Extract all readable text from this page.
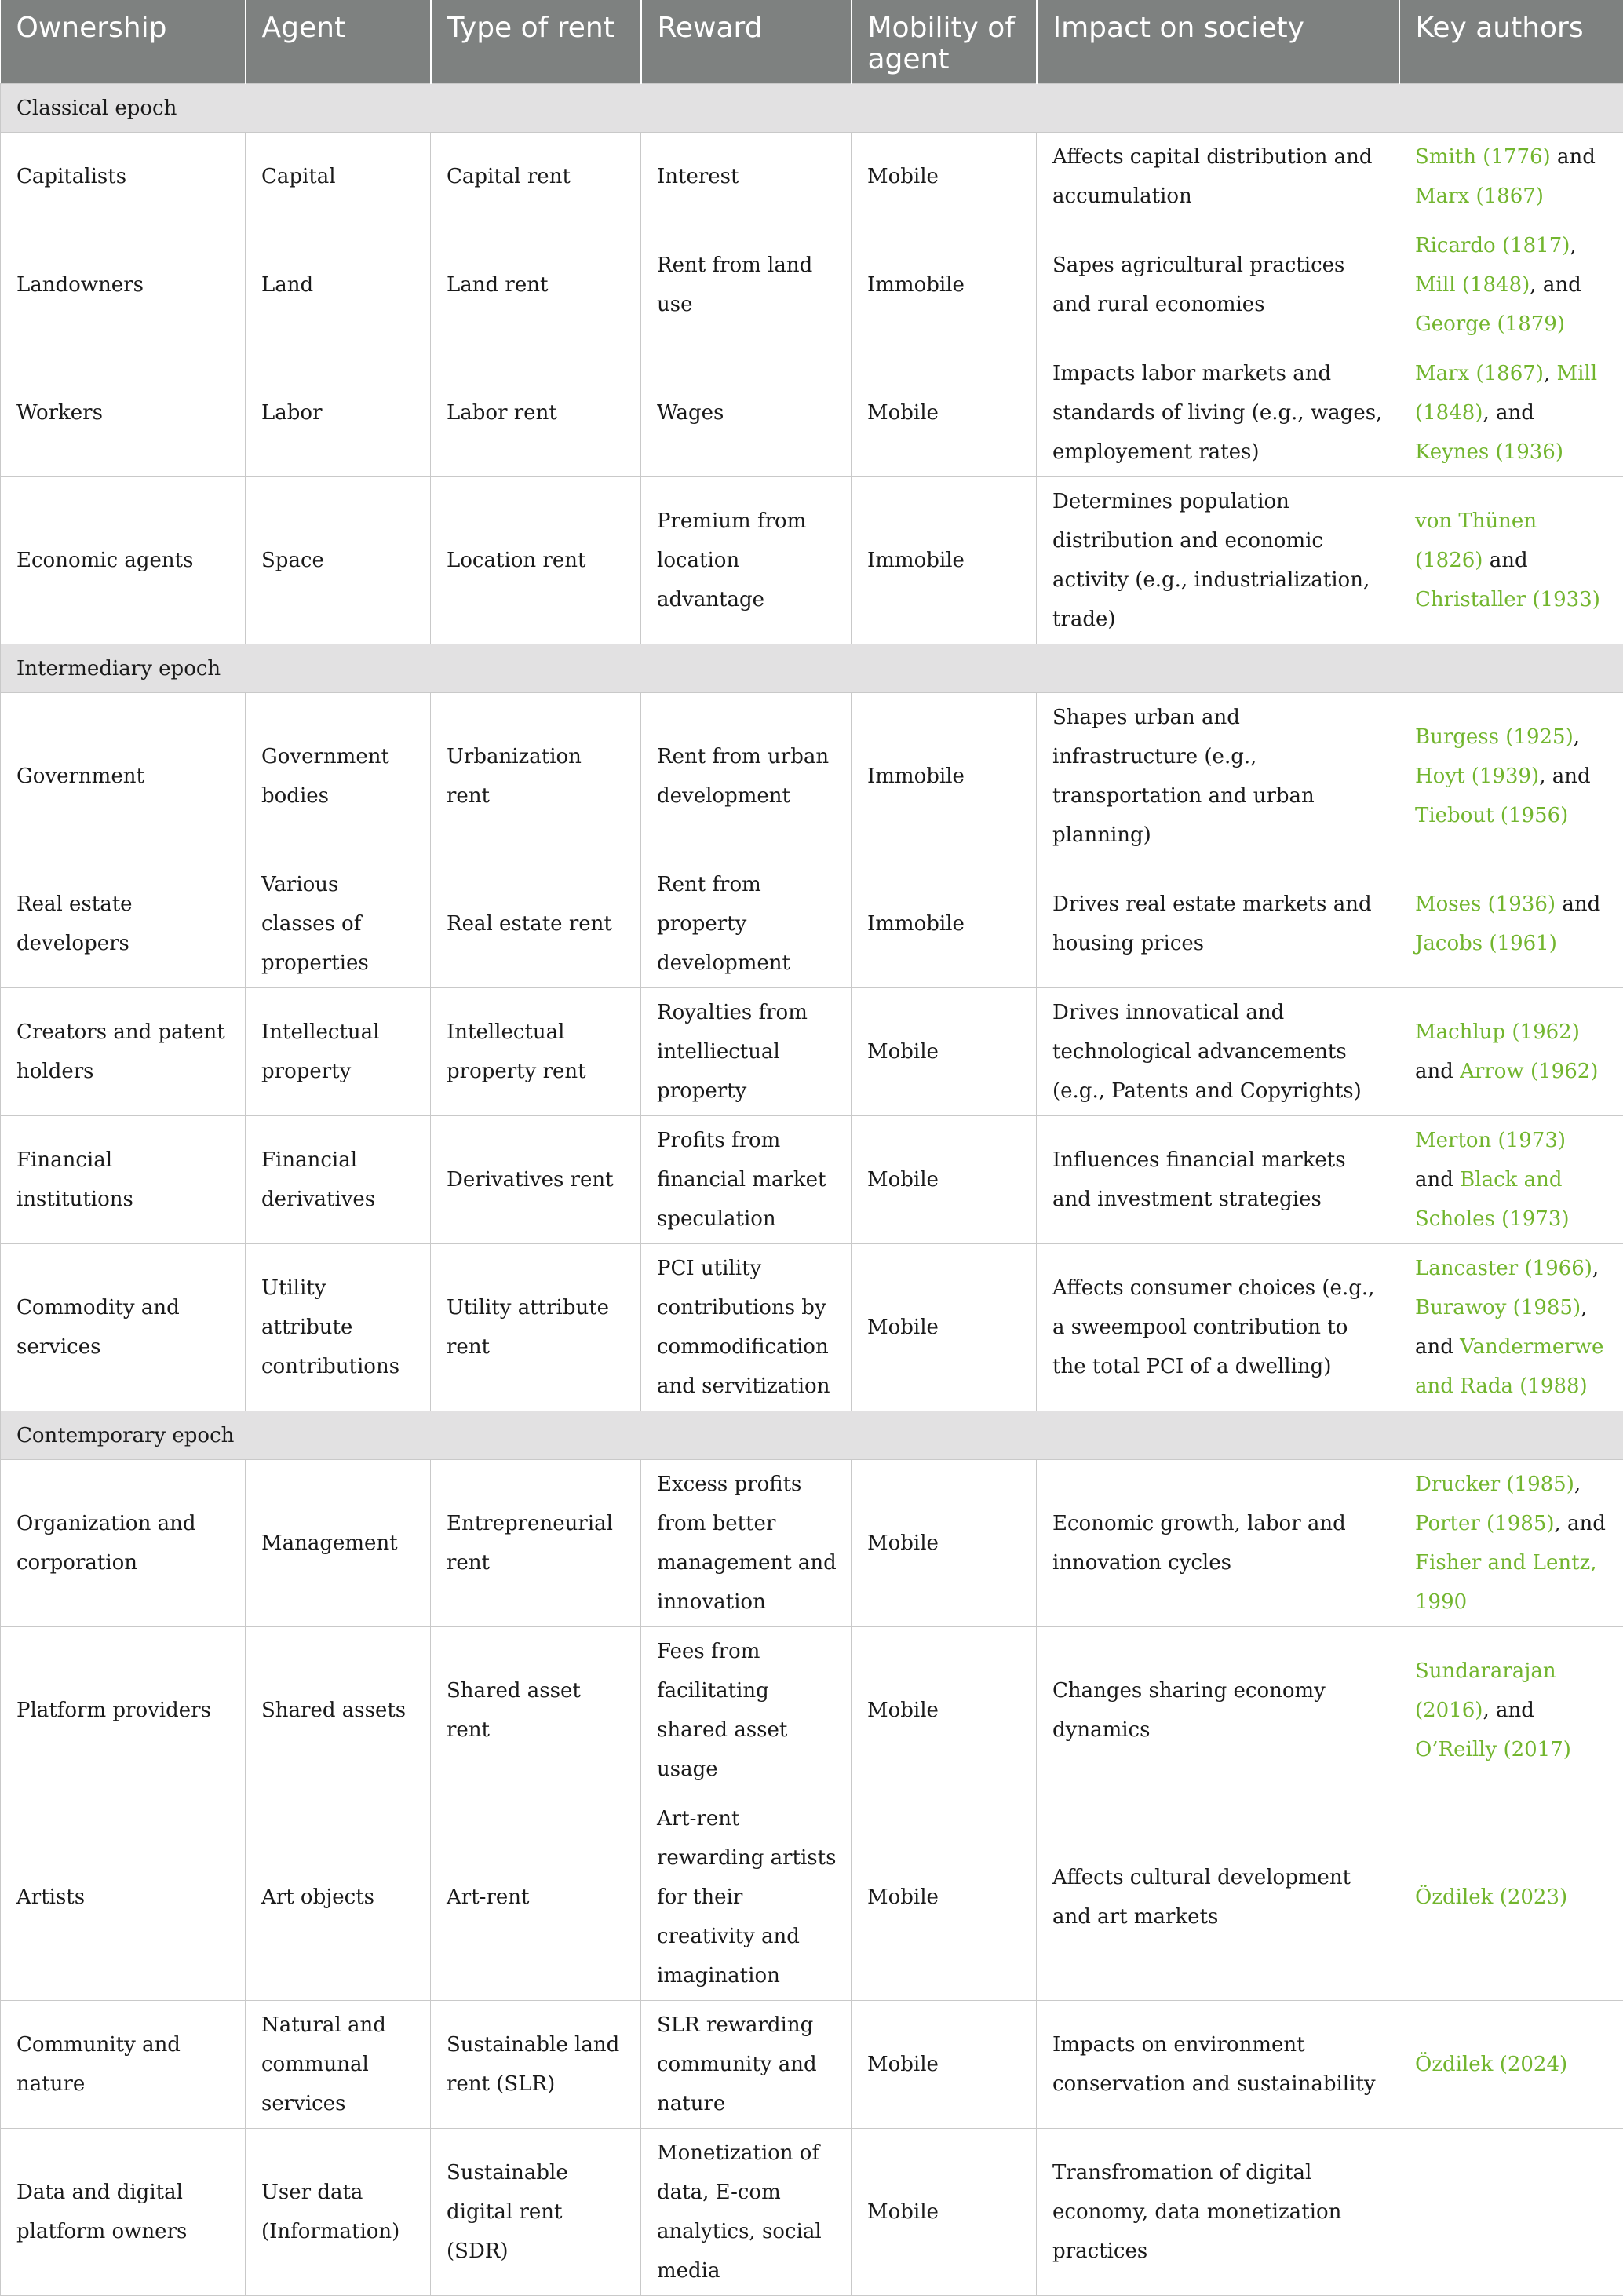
Ownership	Agent	Type of rent	Reward	Mobility of agent	Impact on society	Key authors
Classical epoch						
Capitalists	Capital	Capital rent	Interest	Mobile	Affects capital distribution and accumulation	Smith (1776) and Marx (1867)
Landowners	Land	Land rent	Rent from land use	Immobile	Sapes agricultural practices and rural economies	Ricardo (1817), Mill (1848), and George (1879)
Workers	Labor	Labor rent	Wages	Mobile	Impacts labor markets and standards of living (e.g., wages, employement rates)	Marx (1867), Mill (1848), and Keynes (1936)
Economic agents	Space	Location rent	Premium from location advantage	Immobile	Determines population distribution and economic activity (e.g., industrialization, trade)	von Thünen (1826) and Christaller (1933)
Intermediary epoch						
Government	Government bodies	Urbanization rent	Rent from urban development	Immobile	Shapes urban and infrastructure (e.g., transportation and urban planning)	Burgess (1925), Hoyt (1939), and Tiebout (1956)
Real estate developers	Various classes of properties	Real estate rent	Rent from property development	Immobile	Drives real estate markets and housing prices	Moses (1936) and Jacobs (1961)
Creators and patent holders	Intellectual property	Intellectual property rent	Royalties from intelliectual property	Mobile	Drives innovatical and technological advancements (e.g., Patents and Copyrights)	Machlup (1962) and Arrow (1962)
Financial institutions	Financial derivatives	Derivatives rent	Profits from financial market speculation	Mobile	Influences financial markets and investment strategies	Merton (1973) and Black and Scholes (1973)
Commodity and services	Utility attribute contributions	Utility attribute rent	PCI utility contributions by commodification and servitization	Mobile	Affects consumer choices (e.g., a sweempool contribution to the total PCI of a dwelling)	Lancaster (1966), Burawoy (1985), and Vandermerwe and Rada (1988)
Contemporary epoch						
Organization and corporation	Management	Entrepreneurial rent	Excess profits from better management and innovation	Mobile	Economic growth, labor and innovation cycles	Drucker (1985), Porter (1985), and Fisher and Lentz, 1990
Platform providers	Shared assets	Shared asset rent	Fees from facilitating shared asset usage	Mobile	Changes sharing economy dynamics	Sundararajan (2016), and O’Reilly (2017)
Artists	Art objects	Art-rent	Art-rent rewarding artists for their creativity and imagination	Mobile	Affects cultural development and art markets	Özdilek (2023)
Community and nature	Natural and communal services	Sustainable land rent (SLR)	SLR rewarding community and nature	Mobile	Impacts on environment conservation and sustainability	Özdilek (2024)
Data and digital platform owners	User data (Information)	Sustainable digital rent (SDR)	Monetization of data, E-com analytics, social media	Mobile	Transfromation of digital economy, data monetization practices	
